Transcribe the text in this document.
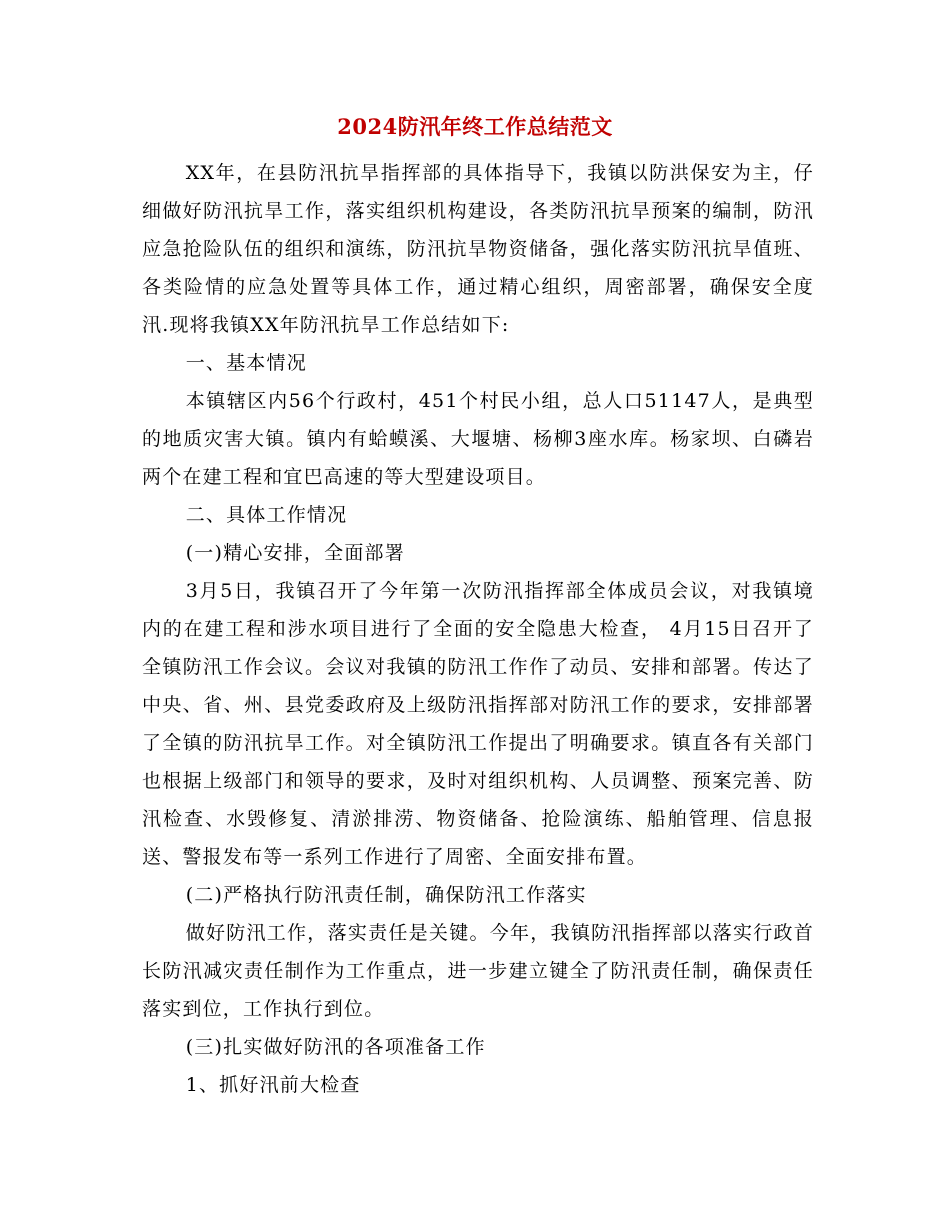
2024防汛年终工作总结范文

XX年，在县防汛抗旱指挥部的具体指导下，我镇以防洪保安为主，仔细做好防汛抗旱工作，落实组织机构建设，各类防汛抗旱预案的编制，防汛应急抢险队伍的组织和演练，防汛抗旱物资储备，强化落实防汛抗旱值班、各类险情的应急处置等具体工作，通过精心组织，周密部署，确保安全度汛.现将我镇XX年防汛抗旱工作总结如下:

一、基本情况

本镇辖区内56个行政村，451个村民小组，总人口51147人，是典型的地质灾害大镇。镇内有蛤蟆溪、大堰塘、杨柳3座水库。杨家坝、白磷岩两个在建工程和宜巴高速的等大型建设项目。

二、具体工作情况

(一)精心安排，全面部署

3月5日，我镇召开了今年第一次防汛指挥部全体成员会议，对我镇境内的在建工程和涉水项目进行了全面的安全隐患大检查， 4月15日召开了全镇防汛工作会议。会议对我镇的防汛工作作了动员、安排和部署。传达了中央、省、州、县党委政府及上级防汛指挥部对防汛工作的要求，安排部署了全镇的防汛抗旱工作。对全镇防汛工作提出了明确要求。镇直各有关部门也根据上级部门和领导的要求，及时对组织机构、人员调整、预案完善、防汛检查、水毁修复、清淤排涝、物资储备、抢险演练、船舶管理、信息报送、警报发布等一系列工作进行了周密、全面安排布置。

(二)严格执行防汛责任制，确保防汛工作落实

做好防汛工作，落实责任是关键。今年，我镇防汛指挥部以落实行政首长防汛减灾责任制作为工作重点，进一步建立键全了防汛责任制，确保责任落实到位，工作执行到位。

(三)扎实做好防汛的各项准备工作

1、抓好汛前大检查
